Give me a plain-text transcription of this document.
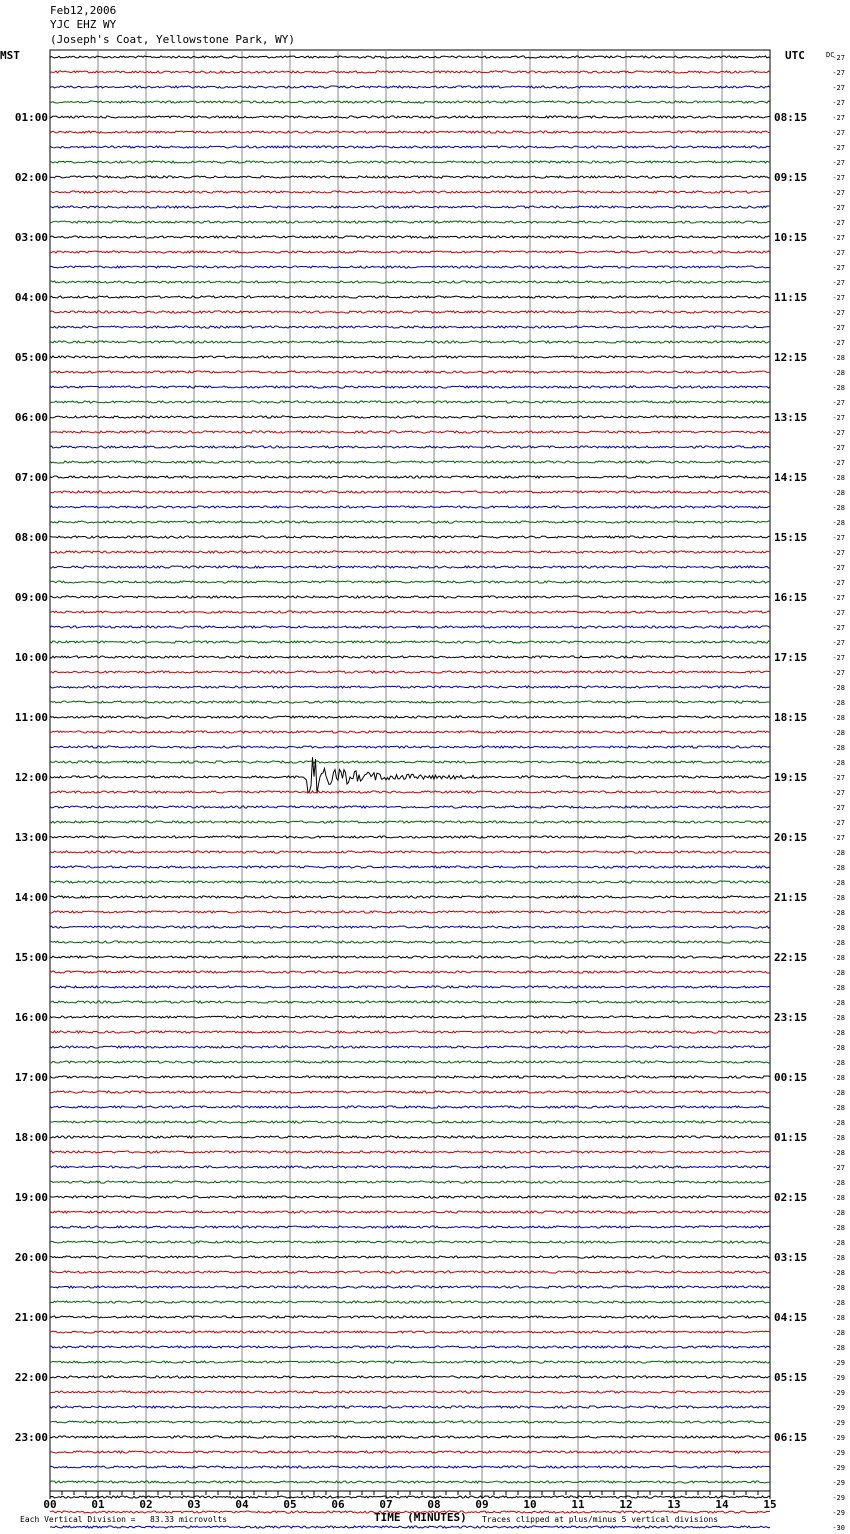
Feb12,2006
YJC EHZ WY
(Joseph's Coat, Yellowstone Park, WY)
MST	UTC	-27
-27
-27
-27
-27
-27
-27
-27
-27
-27
-27
-27
-27
-27
-27
-27
-27
-27
-27
-27
-28
-28
-28
-27
-27
-27
-27
-27
-28
-28
-28
-28
-27
-27
-27
-27
-27
-27
-27
-27
-27
-27
-28
-28
-28
-28
-28
-28
-27
-27
-27
-27
-27
-28
-28
-28
-28
-28
-28
-28
-28
-28
-28
-28
-28
-28
-28
-28
-28
-28
-28
-28
-28
-28
-27
-28
-28
-28
-28
-28
-28
-28
-28
-28
-28
-28
-28
-29
-29
-29
-29
-29
-29
-29
-29
-29
-29
-29
-30
DC
01:00
02:00
03:00
04:00
05:00
06:00
07:00
08:00
09:00
10:00
11:00
12:00
13:00
14:00
15:00
16:00
17:00
18:00
19:00
20:00
21:00
22:00
23:00
08:15
09:15
10:15
11:15
12:15
13:15
14:15
15:15
16:15
17:15
18:15
19:15
20:15
21:15
22:15
23:15
00:15
01:15
02:15
03:15
04:15
05:15
06:15
00	01	02	03	04	05	06	07	08	09	10	11	12	13	14	15
Each Vertical Division =   83.33 microvolts	TIME (MINUTES) Traces clipped at plus/minus 5 vertical divisions
